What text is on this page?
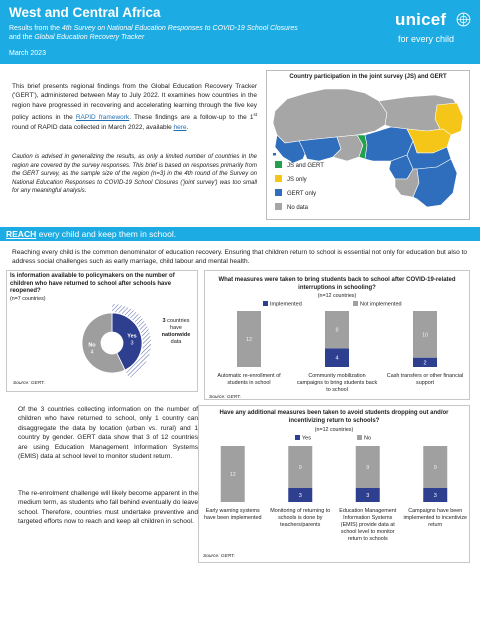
West and Central Africa
Results from the 4th Survey on National Education Responses to COVID-19 School Closures
and the Global Education Recovery Tracker
March 2023
unicef
for every child
This brief presents regional findings from the Global Education Recovery Tracker ('GERT'), administered between May to July 2022. It examines how countries in the region have progressed in recovering and accelerating learning through the five key policy actions in the RAPID framework. These findings are a follow-up to the 1st round of RAPID data collected in March 2022, available here.
Caution is advised in generalizing the results, as only a limited number of countries in the region are covered by the survey responses. This brief is based on responses primarily from the GERT survey, as the sample size of the region (n=3) in the 4th round of the Survey on National Education Responses to COVID-19 School Closures ('joint survey') was too small for any meaningful analysis.
Country participation in the joint survey (JS) and GERT
JS and GERT
JS only
GERT only
No data
REACH every child and keep them in school.
Reaching every child is the common denominator of education recovery. Ensuring that children return to school is essential not only for education but also to address social challenges such as early marriage, child labour and mental health.
Is information available to policymakers on the number of children who have returned to school after schools have reopened?
(n=7 countries)
Yes
3
No
4
3 countries
have
nationwide
data
Source: GERT.
What measures were taken to bring students back to school after COVID-19-related
interruptions in schooling?
(n=12 countries)
Implemented	Not implemented
12
4
8
2
10
Automatic re-enrollment of students in school
Community mobilization campaigns to bring students back to school
Cash transfers or other financial support
Source: GERT.
Have any additional measures been taken to avoid students dropping out and/or
incentivizing return to schools?
(n=12 countries)
Yes	No
12
3
9
3
9
3
9
Early warning systems have been implemented
Monitoring of returning to schools is done by teachers/parents
Education Management Information Systems (EMIS) provide data at school level to monitor return to schools
Campaigns have been implemented to incentivize return
Source: GERT.
Of the 3 countries collecting information on the number of children who have returned to school, only 1 country can disaggregate the data by location (urban vs. rural) and 1 country by gender. GERT data show that 3 of 12 countries are using Education Management Information Systems (EMIS) data at school level to monitor student return.
The re-enrolment challenge will likely become apparent in the medium term, as students who fall behind eventually do leave school. Therefore, countries must undertake preventive and targeted efforts now to reach and keep all children in school.
